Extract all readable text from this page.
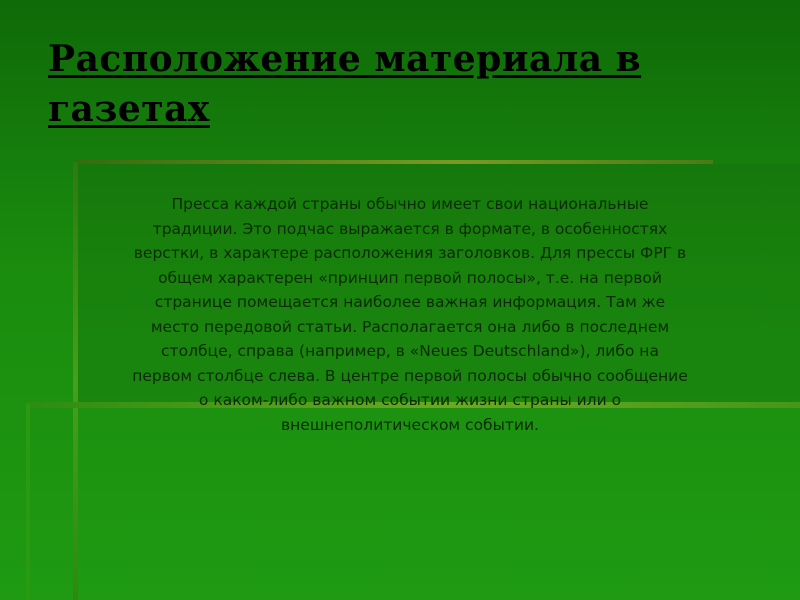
Расположение материала в газетах
Пресса каждой страны обычно имеет свои национальные традиции. Это подчас выражается в формате, в особенностях верстки, в характере расположения заголовков. Для прессы ФРГ в общем характерен «принцип первой полосы», т.е. на первой странице помещается наиболее важная информация. Там же место передовой статьи. Располагается она либо в последнем столбце, справа (например, в «Neues Deutschland»), либо на первом столбце слева. В центре первой полосы обычно сообщение о каком-либо важном событии жизни страны или о внешнеполитическом событии.
